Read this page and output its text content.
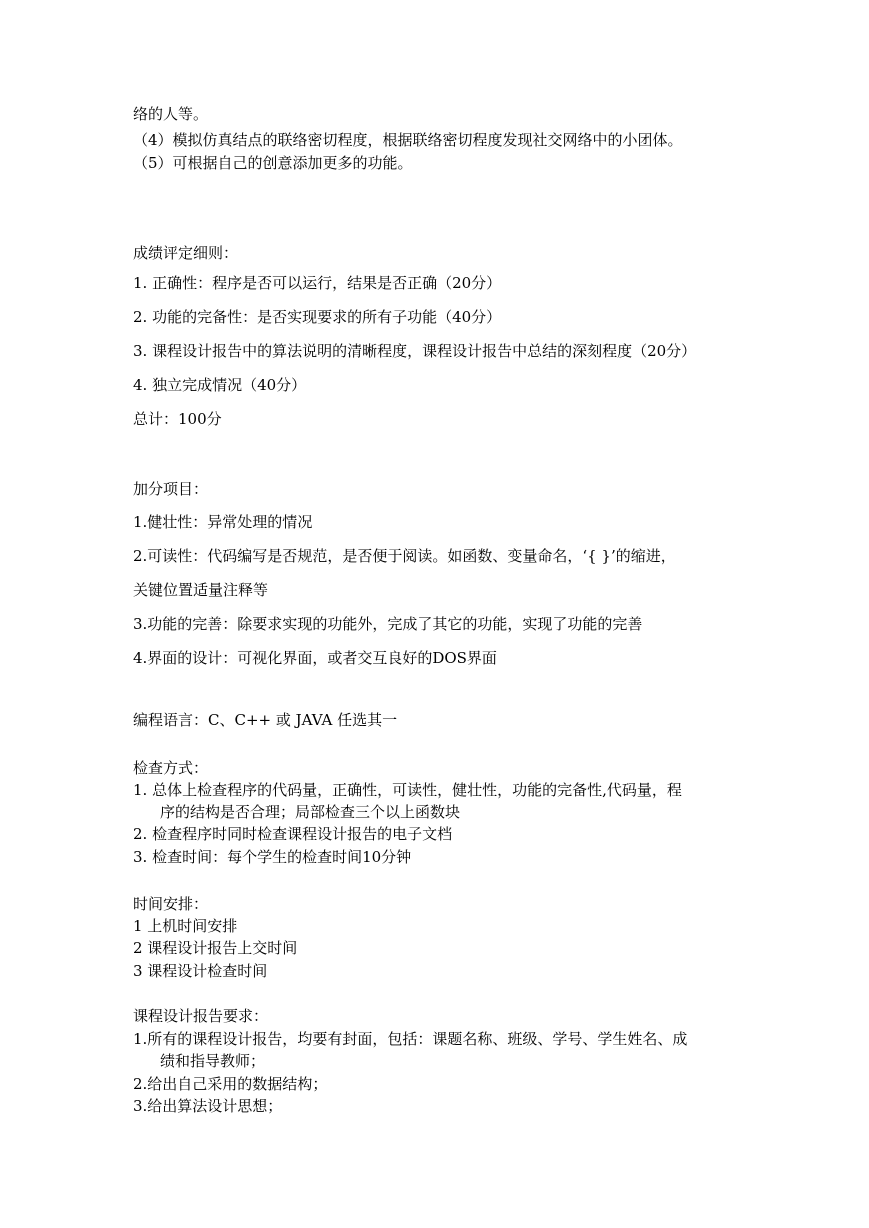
络的人等。
（4）模拟仿真结点的联络密切程度，根据联络密切程度发现社交网络中的小团体。
（5）可根据自己的创意添加更多的功能。
成绩评定细则：
1. 正确性：程序是否可以运行，结果是否正确（20分）
2. 功能的完备性：是否实现要求的所有子功能（40分）
3. 课程设计报告中的算法说明的清晰程度，课程设计报告中总结的深刻程度（20分）
4. 独立完成情况（40分）
总计：100分
加分项目：
1.健壮性：异常处理的情况
2.可读性：代码编写是否规范，是否便于阅读。如函数、变量命名，‘{ }’的缩进，
关键位置适量注释等
3.功能的完善：除要求实现的功能外，完成了其它的功能，实现了功能的完善
4.界面的设计：可视化界面，或者交互良好的DOS界面
编程语言：C、C++ 或 JAVA 任选其一
检查方式：
1. 总体上检查程序的代码量，正确性，可读性，健壮性，功能的完备性,代码量，程
序的结构是否合理；局部检查三个以上函数块
2. 检查程序时同时检查课程设计报告的电子文档
3. 检查时间：每个学生的检查时间10分钟
时间安排：
1 上机时间安排
2 课程设计报告上交时间
3 课程设计检查时间
课程设计报告要求：
1.所有的课程设计报告，均要有封面，包括：课题名称、班级、学号、学生姓名、成
绩和指导教师；
2.给出自己采用的数据结构；
3.给出算法设计思想；
